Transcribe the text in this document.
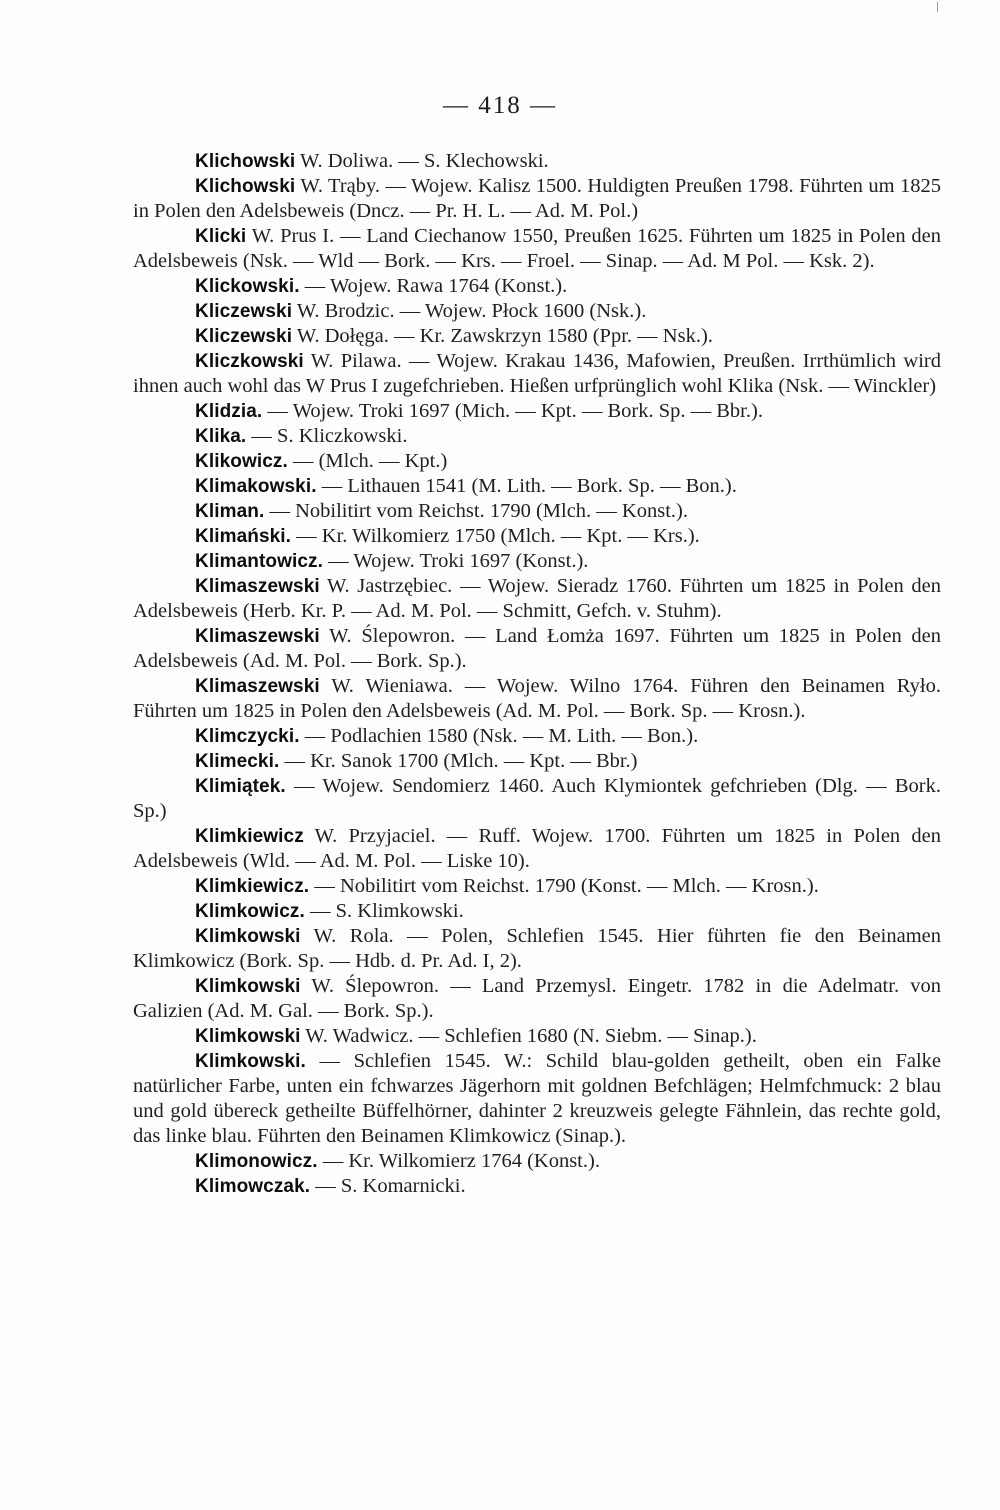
— 418 —

Klichowski W. Doliwa. — S. Klechowski.

Klichowski W. Trąby. — Wojew. Kalisz 1500. Huldigten Preußen 1798. Führten um 1825 in Polen den Adelsbeweis (Dncz. — Pr. H. L. — Ad. M. Pol.)

Klicki W. Prus I. — Land Ciechanow 1550, Preußen 1625. Führten um 1825 in Polen den Adelsbeweis (Nsk. — Wld — Bork. — Krs. — Froel. — Sinap. — Ad. M Pol. — Ksk. 2).

Klickowski. — Wojew. Rawa 1764 (Konst.).

Kliczewski W. Brodzic. — Wojew. Płock 1600 (Nsk.).

Kliczewski W. Dołęga. — Kr. Zawskrzyn 1580 (Ppr. — Nsk.).

Kliczkowski W. Pilawa. — Wojew. Krakau 1436, Mafowien, Preußen. Irrthümlich wird ihnen auch wohl das W Prus I zugefchrieben. Hießen urfprünglich wohl Klika (Nsk. — Winckler)

Klidzia. — Wojew. Troki 1697 (Mich. — Kpt. — Bork. Sp. — Bbr.).

Klika. — S. Kliczkowski.

Klikowicz. — (Mlch. — Kpt.)

Klimakowski. — Lithauen 1541 (M. Lith. — Bork. Sp. — Bon.).

Kliman. — Nobilitirt vom Reichst. 1790 (Mlch. — Konst.).

Klimański. — Kr. Wilkomierz 1750 (Mlch. — Kpt. — Krs.).

Klimantowicz. — Wojew. Troki 1697 (Konst.).

Klimaszewski W. Jastrzębiec. — Wojew. Sieradz 1760. Führten um 1825 in Polen den Adelsbeweis (Herb. Kr. P. — Ad. M. Pol. — Schmitt, Gefch. v. Stuhm).

Klimaszewski W. Ślepowron. — Land Łomża 1697. Führten um 1825 in Polen den Adelsbeweis (Ad. M. Pol. — Bork. Sp.).

Klimaszewski W. Wieniawa. — Wojew. Wilno 1764. Führen den Beinamen Ryło. Führten um 1825 in Polen den Adelsbeweis (Ad. M. Pol. — Bork. Sp. — Krosn.).

Klimczycki. — Podlachien 1580 (Nsk. — M. Lith. — Bon.).

Klimecki. — Kr. Sanok 1700 (Mlch. — Kpt. — Bbr.)

Klimiątek. — Wojew. Sendomierz 1460. Auch Klymiontek gefchrieben (Dlg. — Bork. Sp.)

Klimkiewicz W. Przyjaciel. — Ruff. Wojew. 1700. Führten um 1825 in Polen den Adelsbeweis (Wld. — Ad. M. Pol. — Liske 10).

Klimkiewicz. — Nobilitirt vom Reichst. 1790 (Konst. — Mlch. — Krosn.).

Klimkowicz. — S. Klimkowski.

Klimkowski W. Rola. — Polen, Schlefien 1545. Hier führten fie den Beinamen Klimkowicz (Bork. Sp. — Hdb. d. Pr. Ad. I, 2).

Klimkowski W. Ślepowron. — Land Przemysl. Eingetr. 1782 in die Adelmatr. von Galizien (Ad. M. Gal. — Bork. Sp.).

Klimkowski W. Wadwicz. — Schlefien 1680 (N. Siebm. — Sinap.).

Klimkowski. — Schlefien 1545. W.: Schild blau-golden getheilt, oben ein Falke natürlicher Farbe, unten ein fchwarzes Jägerhorn mit goldnen Befchlägen; Helmfchmuck: 2 blau und gold übereck getheilte Büffelhörner, dahinter 2 kreuzweis gelegte Fähnlein, das rechte gold, das linke blau. Führten den Beinamen Klimkowicz (Sinap.).

Klimonowicz. — Kr. Wilkomierz 1764 (Konst.).

Klimowczak. — S. Komarnicki.
